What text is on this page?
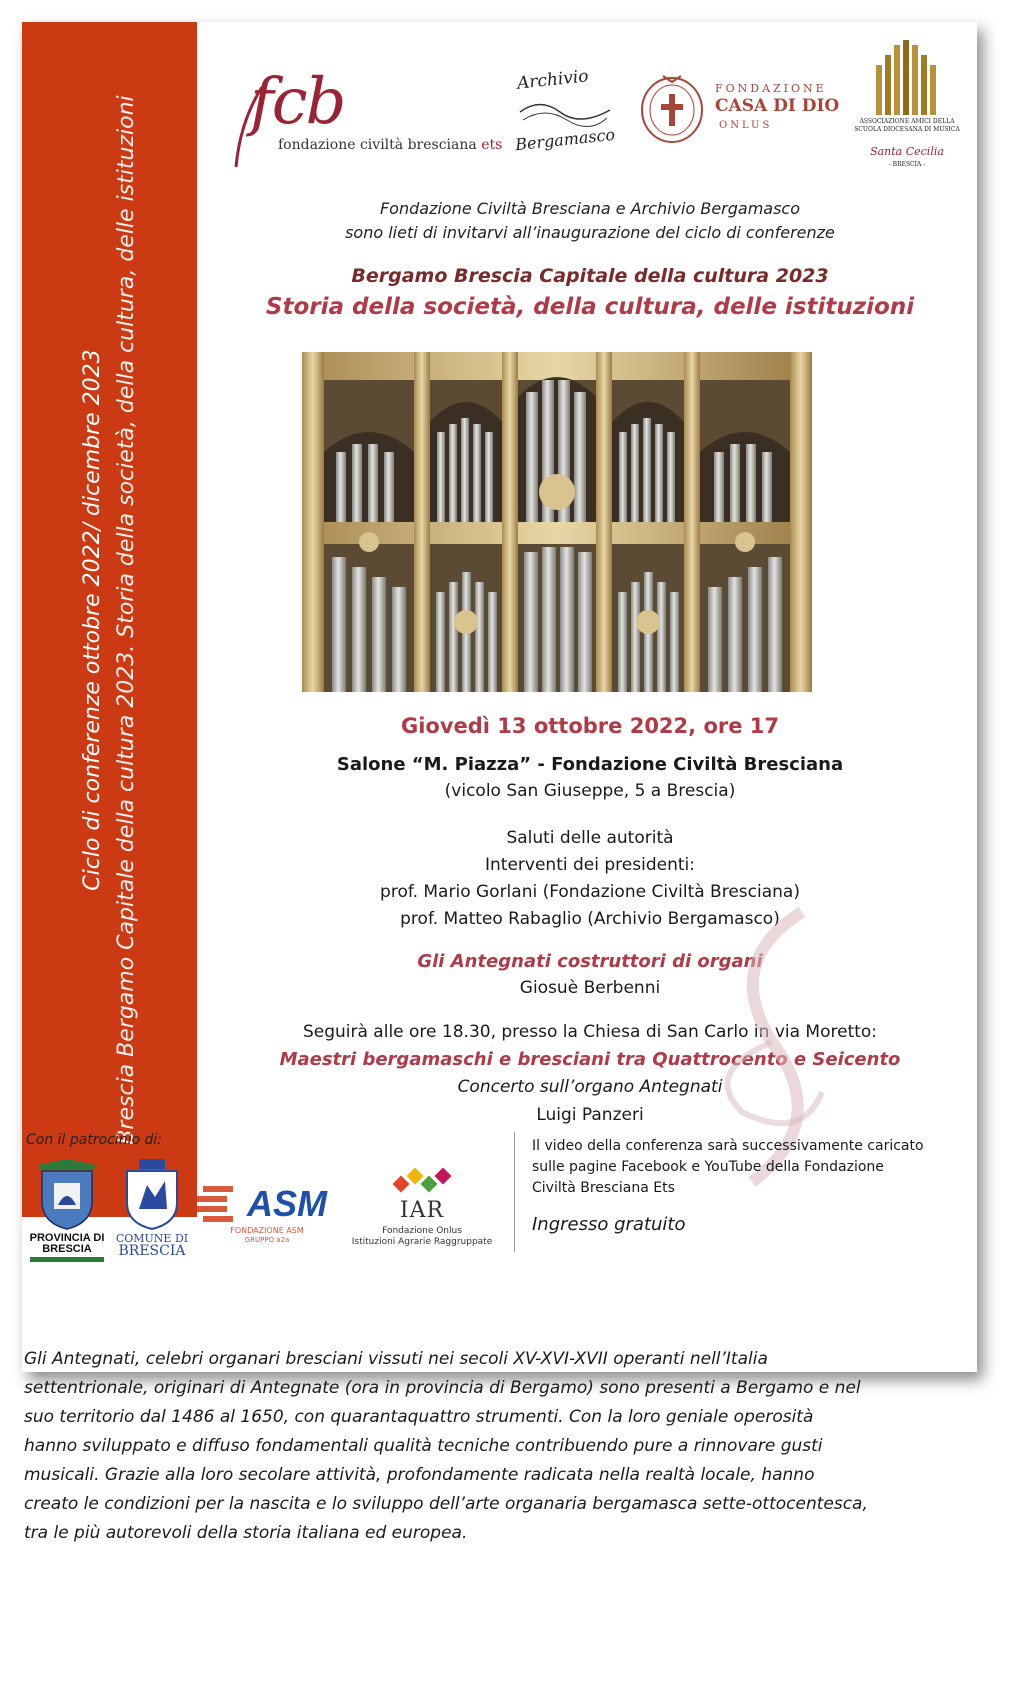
Ciclo di conferenze ottobre 2022/ dicembre 2023 Brescia Bergamo Capitale della cultura 2023. Storia della società, della cultura, delle istituzioni fcb
fondazione civiltà bresciana ets
Archivio
Bergamasco
FONDAZIONE
CASA DI DIO
ONLUS	ASSOCIAZIONE AMICI DELLA SCUOLA DIOCESANA DI MUSICA
Santa Cecilia
- BRESCIA -
Fondazione Civiltà Bresciana e Archivio Bergamasco
sono lieti di invitarvi all’inaugurazione del ciclo di conferenze
Bergamo Brescia Capitale della cultura 2023
Storia della società, della cultura, delle istituzioni
Giovedì 13 ottobre 2022, ore 17
Salone “M. Piazza” - Fondazione Civiltà Bresciana
(vicolo San Giuseppe, 5 a Brescia)
Saluti delle autorità
Interventi dei presidenti:
prof. Mario Gorlani (Fondazione Civiltà Bresciana)
prof. Matteo Rabaglio (Archivio Bergamasco)
Gli Antegnati costruttori di organi
Giosuè Berbenni
Seguirà alle ore 18.30, presso la Chiesa di San Carlo in via Moretto:
Maestri bergamaschi e bresciani tra Quattrocento e Seicento
Concerto sull’organo Antegnati
Luigi Panzeri
Con il patrocinio di:
PROVINCIA DI BRESCIA
COMUNE DI
BRESCIA
ASM
FONDAZIONE ASM
GRUPPO a2a
IAR
Fondazione Onlus
Istituzioni Agrarie Raggruppate
Il video della conferenza sarà successivamente caricato sulle pagine Facebook e YouTube della Fondazione Civiltà Bresciana Ets
Ingresso gratuito
Gli Antegnati, celebri organari bresciani vissuti nei secoli XV-XVI-XVII operanti nell’Italia
settentrionale, originari di Antegnate (ora in provincia di Bergamo) sono presenti a Bergamo e nel
suo territorio dal 1486 al 1650, con quarantaquattro strumenti. Con la loro geniale operosità
hanno sviluppato e diffuso fondamentali qualità tecniche contribuendo pure a rinnovare gusti
musicali. Grazie alla loro secolare attività, profondamente radicata nella realtà locale, hanno
creato le condizioni per la nascita e lo sviluppo dell’arte organaria bergamasca sette-ottocentesca,
tra le più autorevoli della storia italiana ed europea.
